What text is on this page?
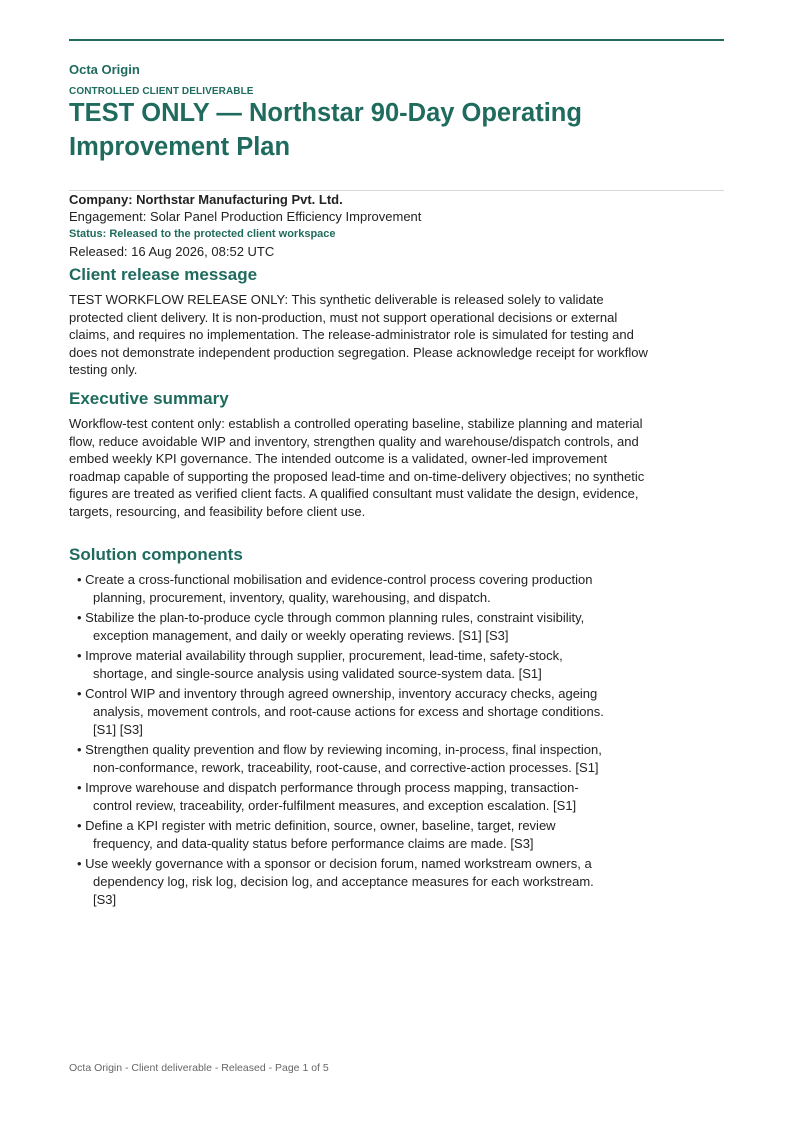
Octa Origin
CONTROLLED CLIENT DELIVERABLE
TEST ONLY — Northstar 90-Day Operating Improvement Plan
Company: Northstar Manufacturing Pvt. Ltd.
Engagement: Solar Panel Production Efficiency Improvement
Status: Released to the protected client workspace
Released: 16 Aug 2026, 08:52 UTC
Client release message

TEST WORKFLOW RELEASE ONLY: This synthetic deliverable is released solely to validate protected client delivery. It is non-production, must not support operational decisions or external claims, and requires no implementation. The release-administrator role is simulated for testing and does not demonstrate independent production segregation. Please acknowledge receipt for workflow testing only.

Executive summary

Workflow-test content only: establish a controlled operating baseline, stabilize planning and material flow, reduce avoidable WIP and inventory, strengthen quality and warehouse/dispatch controls, and embed weekly KPI governance. The intended outcome is a validated, owner-led improvement roadmap capable of supporting the proposed lead-time and on-time-delivery objectives; no synthetic figures are treated as verified client facts. A qualified consultant must validate the design, evidence, targets, resourcing, and feasibility before client use.

Solution components
• Create a cross-functional mobilisation and evidence-control process covering production planning, procurement, inventory, quality, warehousing, and dispatch.
• Stabilize the plan-to-produce cycle through common planning rules, constraint visibility, exception management, and daily or weekly operating reviews. [S1] [S3]
• Improve material availability through supplier, procurement, lead-time, safety-stock, shortage, and single-source analysis using validated source-system data. [S1]
• Control WIP and inventory through agreed ownership, inventory accuracy checks, ageing analysis, movement controls, and root-cause actions for excess and shortage conditions. [S1] [S3]
• Strengthen quality prevention and flow by reviewing incoming, in-process, final inspection, non-conformance, rework, traceability, root-cause, and corrective-action processes. [S1]
• Improve warehouse and dispatch performance through process mapping, transaction-control review, traceability, order-fulfilment measures, and exception escalation. [S1]
• Define a KPI register with metric definition, source, owner, baseline, target, review frequency, and data-quality status before performance claims are made. [S3]
• Use weekly governance with a sponsor or decision forum, named workstream owners, a dependency log, risk log, decision log, and acceptance measures for each workstream. [S3]
Octa Origin - Client deliverable - Released - Page 1 of 5
